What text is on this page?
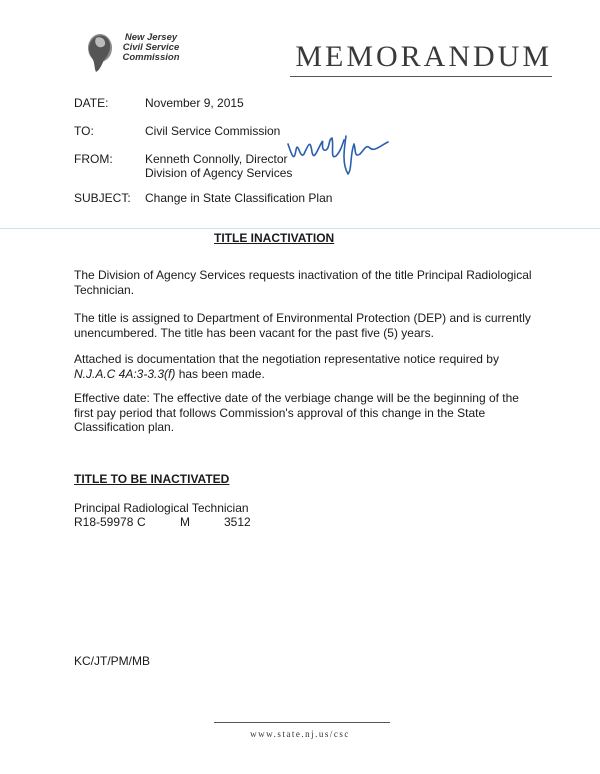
New Jersey
Civil Service
Commission	MEMORANDUM
DATE:	November 9, 2015
TO:	Civil Service Commission
FROM:	Kenneth Connolly, Director
Division of Agency Services
SUBJECT:	Change in State Classification Plan
TITLE INACTIVATION
The Division of Agency Services requests inactivation of the title Principal Radiological Technician.
The title is assigned to Department of Environmental Protection (DEP) and is currently unencumbered. The title has been vacant for the past five (5) years.
Attached is documentation that the negotiation representative notice required by N.J.A.C 4A:3-3.3(f) has been made.
Effective date: The effective date of the verbiage change will be the beginning of the first pay period that follows Commission's approval of this change in the State Classification plan.
TITLE TO BE INACTIVATED
Principal Radiological Technician
R18-59978 C	M	3512
KC/JT/PM/MB
www.state.nj.us/csc
